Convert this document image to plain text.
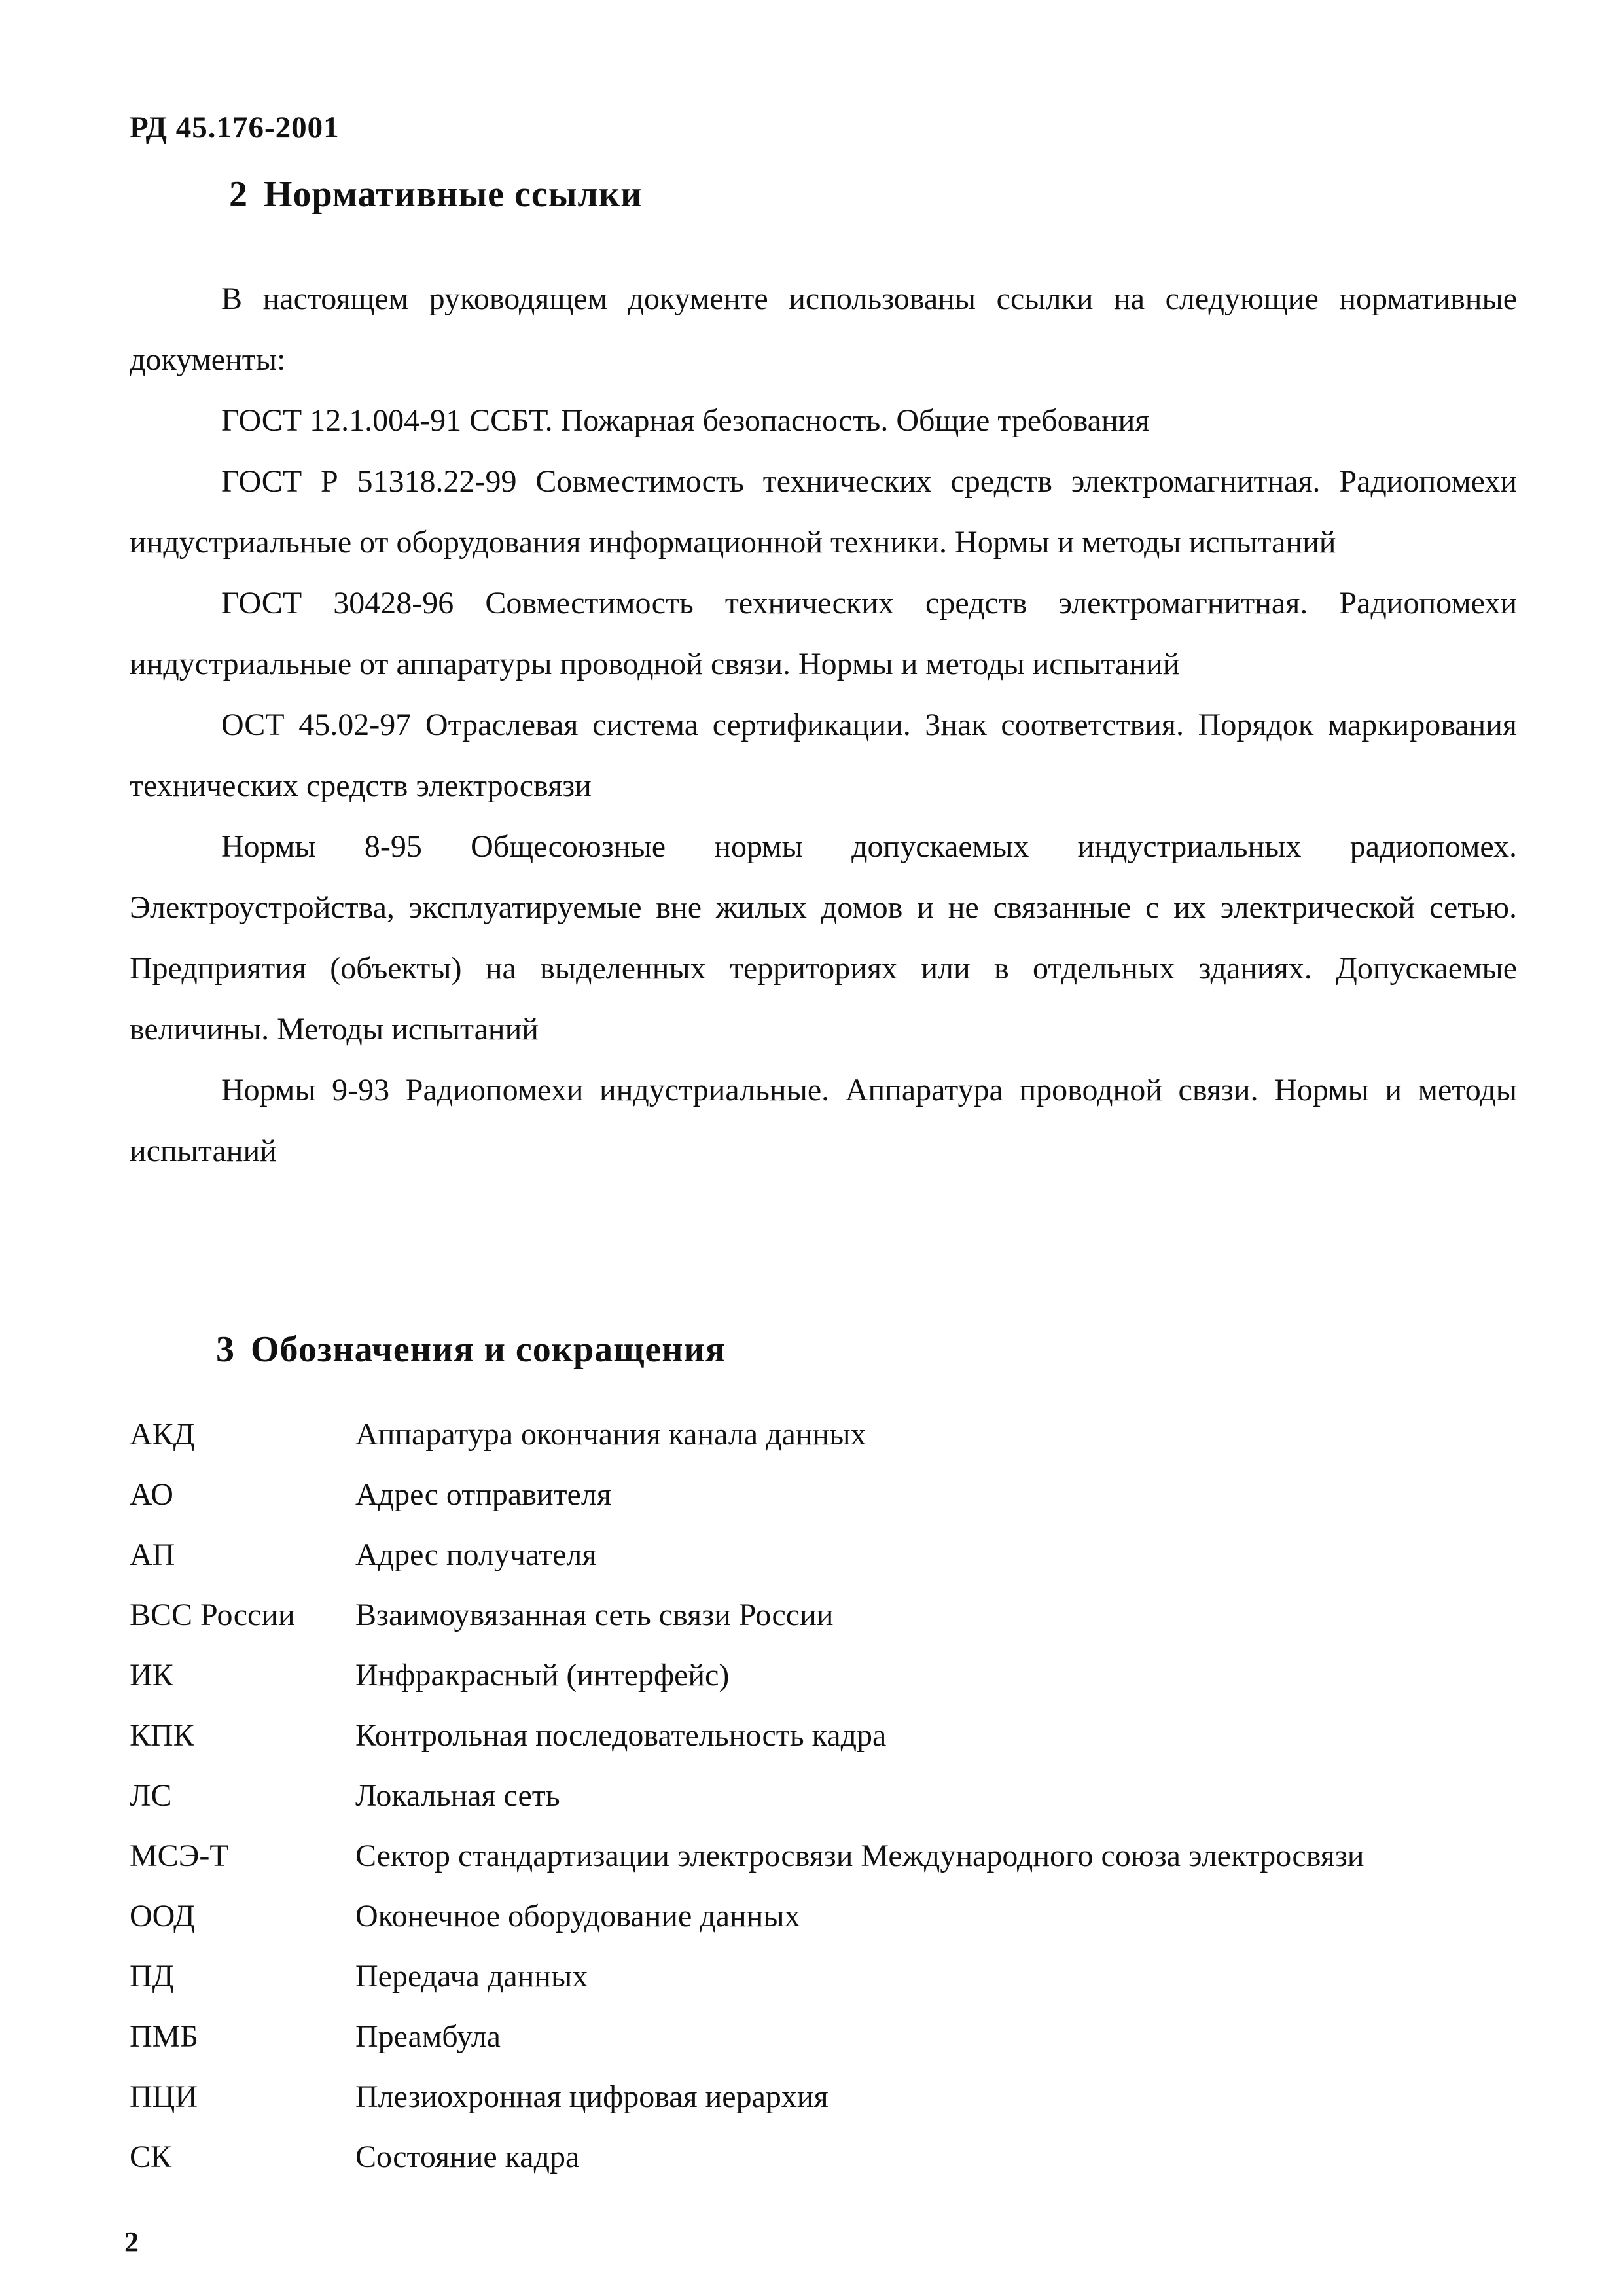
РД 45.176-2001
2 Нормативные ссылки

В настоящем руководящем документе использованы ссылки на следующие нормативные документы:

ГОСТ 12.1.004-91 ССБТ. Пожарная безопасность. Общие требования

ГОСТ Р 51318.22-99 Совместимость технических средств электромагнитная. Радиопомехи индустриальные от оборудования информационной техники. Нормы и методы испытаний

ГОСТ 30428-96 Совместимость технических средств электромагнитная. Радиопомехи индустриальные от аппаратуры проводной связи. Нормы и методы испытаний

ОСТ 45.02-97 Отраслевая система сертификации. Знак соответствия. Порядок маркирования технических средств электросвязи

Нормы 8-95 Общесоюзные нормы допускаемых индустриальных радиопомех. Электроустройства, эксплуатируемые вне жилых домов и не связанные с их электрической сетью. Предприятия (объекты) на выделенных территориях или в отдельных зданиях. Допускаемые величины. Методы испытаний

Нормы 9-93 Радиопомехи индустриальные. Аппаратура проводной связи. Нормы и методы испытаний

3 Обозначения и сокращения
АКД	Аппаратура окончания канала данных
АО	Адрес отправителя
АП	Адрес получателя
ВСС России	Взаимоувязанная сеть связи России
ИК	Инфракрасный (интерфейс)
КПК	Контрольная последовательность кадра
ЛС	Локальная сеть
МСЭ-Т	Сектор стандартизации электросвязи Международного союза электросвязи
ООД	Оконечное оборудование данных
ПД	Передача данных
ПМБ	Преамбула
ПЦИ	Плезиохронная цифровая иерархия
СК	Состояние кадра
2
